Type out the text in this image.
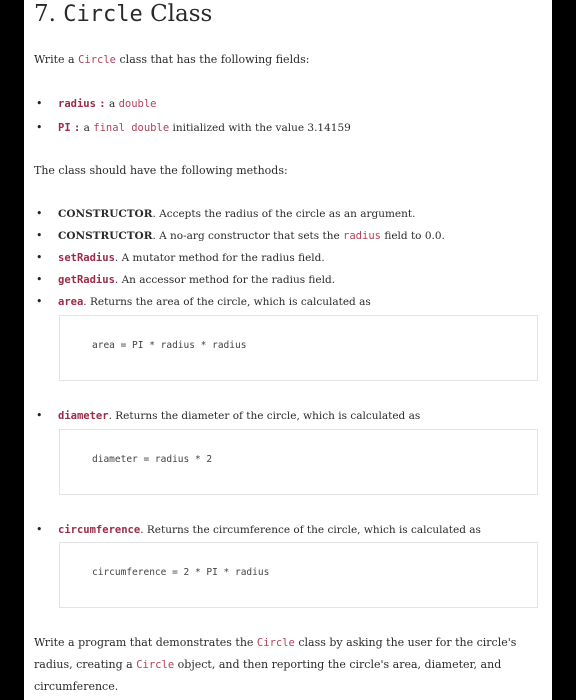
7. Circle Class

Write a Circle class that has the following fields:

• radius : a double

• PI : a final double initialized with the value 3.14159

The class should have the following methods:

• CONSTRUCTOR. Accepts the radius of the circle as an argument.

• CONSTRUCTOR. A no-arg constructor that sets the radius field to 0.0.

• setRadius. A mutator method for the radius field.

• getRadius. An accessor method for the radius field.

• area. Returns the area of the circle, which is calculated as

area = PI * radius * radius

• diameter. Returns the diameter of the circle, which is calculated as

diameter = radius * 2

• circumference. Returns the circumference of the circle, which is calculated as

circumference = 2 * PI * radius

Write a program that demonstrates the Circle class by asking the user for the circle's radius, creating a Circle object, and then reporting the circle's area, diameter, and circumference.
